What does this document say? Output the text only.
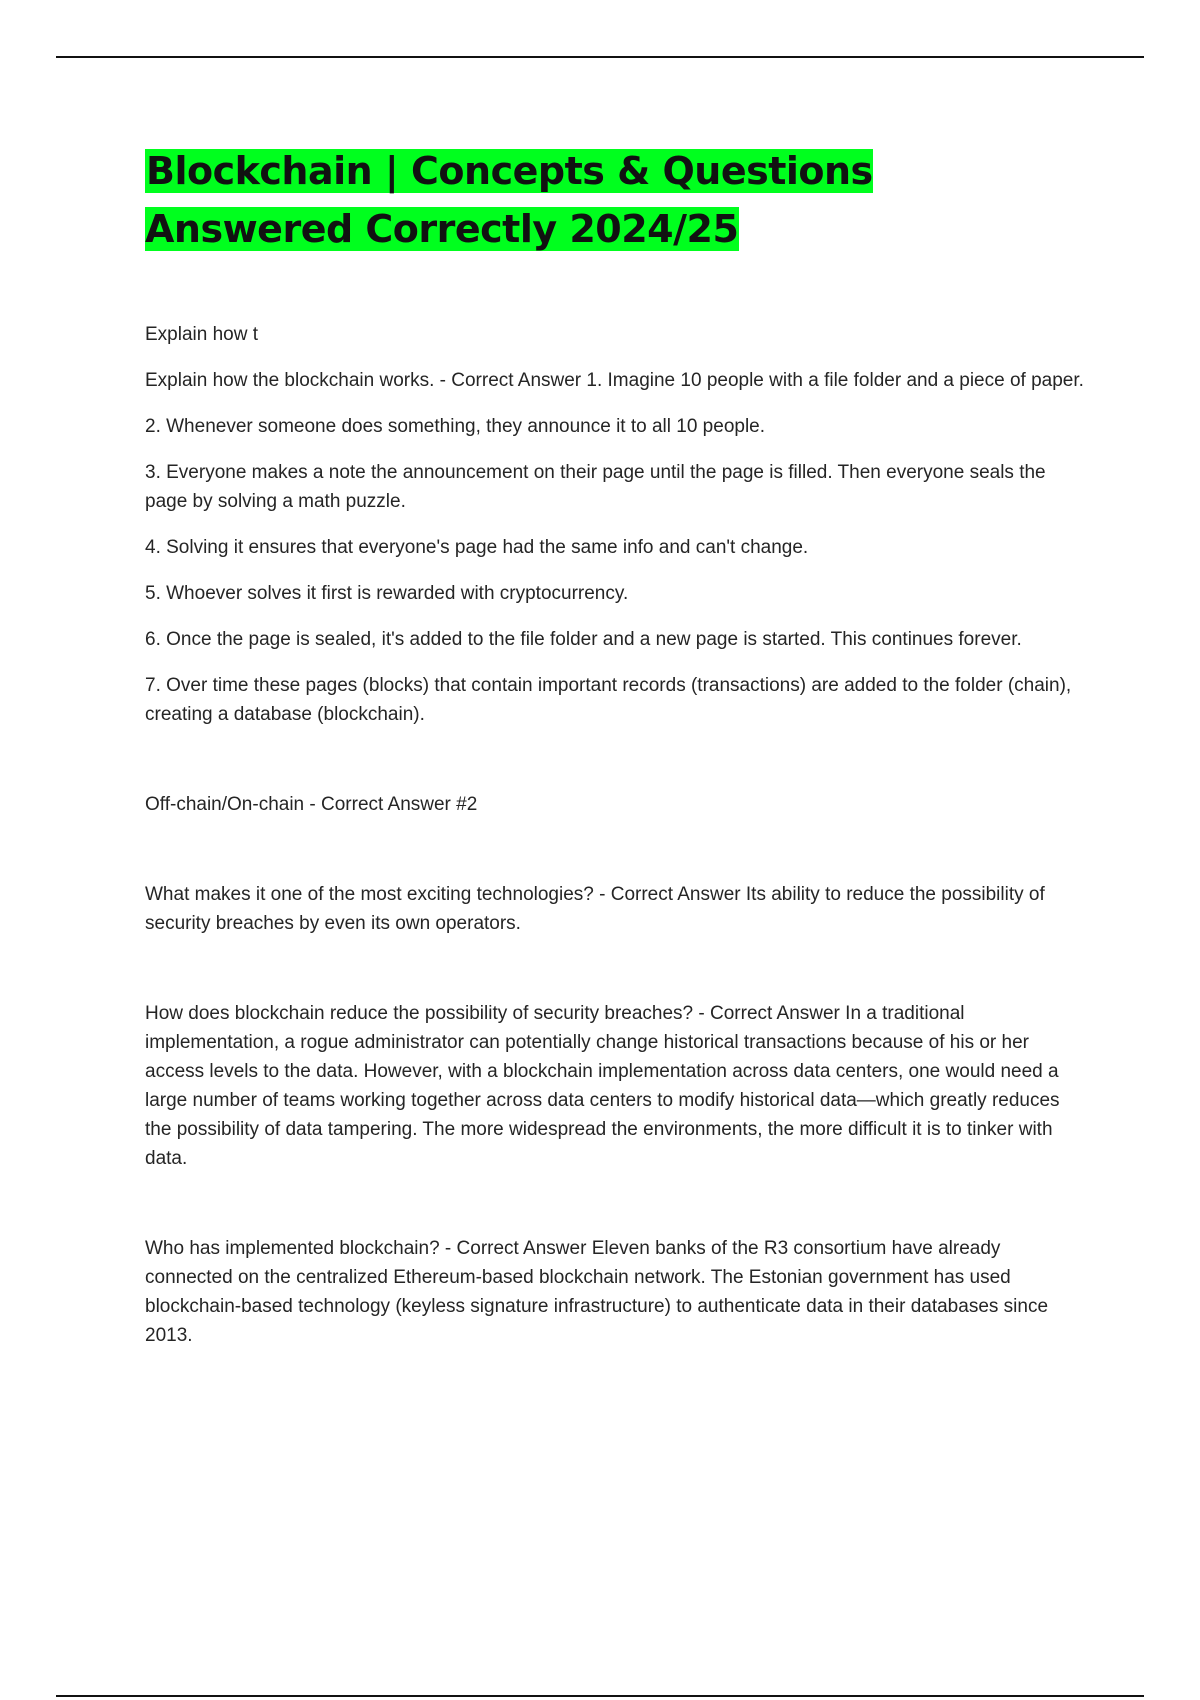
Blockchain | Concepts & Questions Answered Correctly 2024/25

Explain how t

Explain how the blockchain works. - Correct Answer 1. Imagine 10 people with a file folder and a piece of paper.

2. Whenever someone does something, they announce it to all 10 people.

3. Everyone makes a note the announcement on their page until the page is filled. Then everyone seals the page by solving a math puzzle.

4. Solving it ensures that everyone's page had the same info and can't change.

5. Whoever solves it first is rewarded with cryptocurrency.

6. Once the page is sealed, it's added to the file folder and a new page is started. This continues forever.

7. Over time these pages (blocks) that contain important records (transactions) are added to the folder (chain), creating a database (blockchain).

Off-chain/On-chain - Correct Answer #2

What makes it one of the most exciting technologies? - Correct Answer Its ability to reduce the possibility of security breaches by even its own operators.

How does blockchain reduce the possibility of security breaches? - Correct Answer In a traditional implementation, a rogue administrator can potentially change historical transactions because of his or her access levels to the data. However, with a blockchain implementation across data centers, one would need a large number of teams working together across data centers to modify historical data—which greatly reduces the possibility of data tampering. The more widespread the environments, the more difficult it is to tinker with data.

Who has implemented blockchain? - Correct Answer Eleven banks of the R3 consortium have already connected on the centralized Ethereum-based blockchain network. The Estonian government has used blockchain-based technology (keyless signature infrastructure) to authenticate data in their databases since 2013.
